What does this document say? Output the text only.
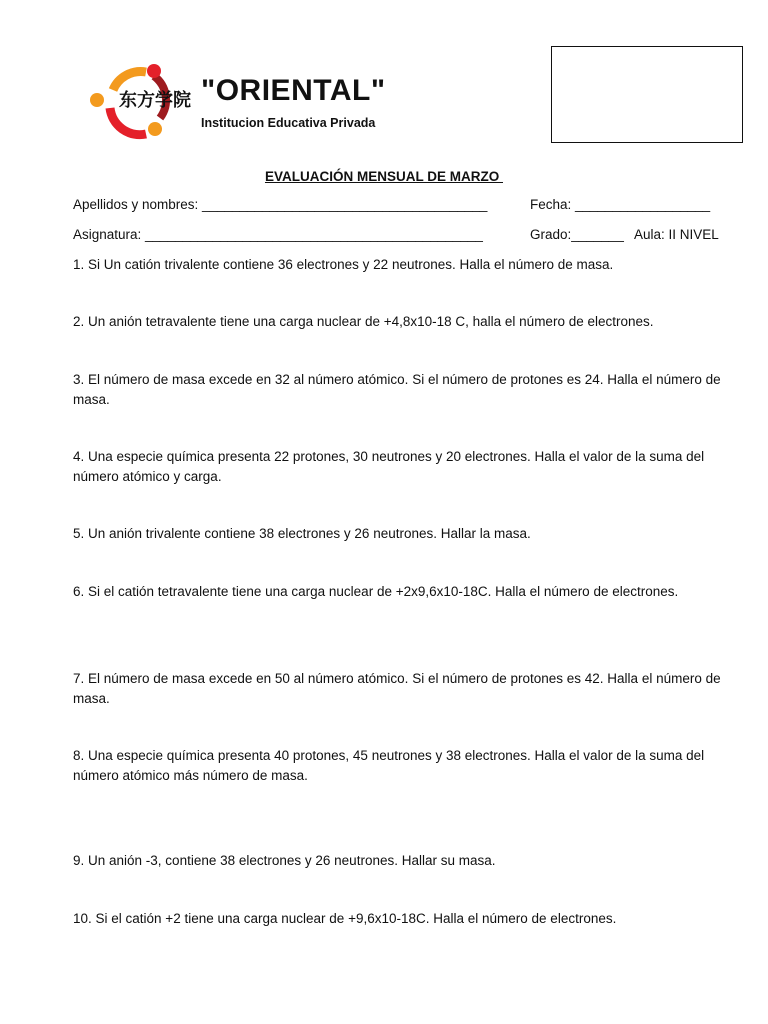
东方学院 "ORIENTAL"
Institucion Educativa Privada
EVALUACIÓN MENSUAL DE MARZO
Apellidos y nombres: ______________________________________	Fecha: __________________
Asignatura: _____________________________________________	Grado:_______ Aula: II NIVEL
1. Si Un catión trivalente contiene 36 electrones y 22 neutrones. Halla el número de masa.
2. Un anión tetravalente tiene una carga nuclear de +4,8x10-18 C, halla el número de electrones.
3. El número de masa excede en 32 al número atómico. Si el número de protones es 24. Halla el número de masa.
4. Una especie química presenta 22 protones, 30 neutrones y 20 electrones. Halla el valor de la suma del número atómico y carga.
5. Un anión trivalente contiene 38 electrones y 26 neutrones. Hallar la masa.
6. Si el catión tetravalente tiene una carga nuclear de +2x9,6x10-18C. Halla el número de electrones.
7. El número de masa excede en 50 al número atómico. Si el número de protones es 42. Halla el número de masa.
8. Una especie química presenta 40 protones, 45 neutrones y 38 electrones. Halla el valor de la suma del número atómico más número de masa.
9. Un anión -3, contiene 38 electrones y 26 neutrones. Hallar su masa.
10. Si el catión +2 tiene una carga nuclear de +9,6x10-18C. Halla el número de electrones.
